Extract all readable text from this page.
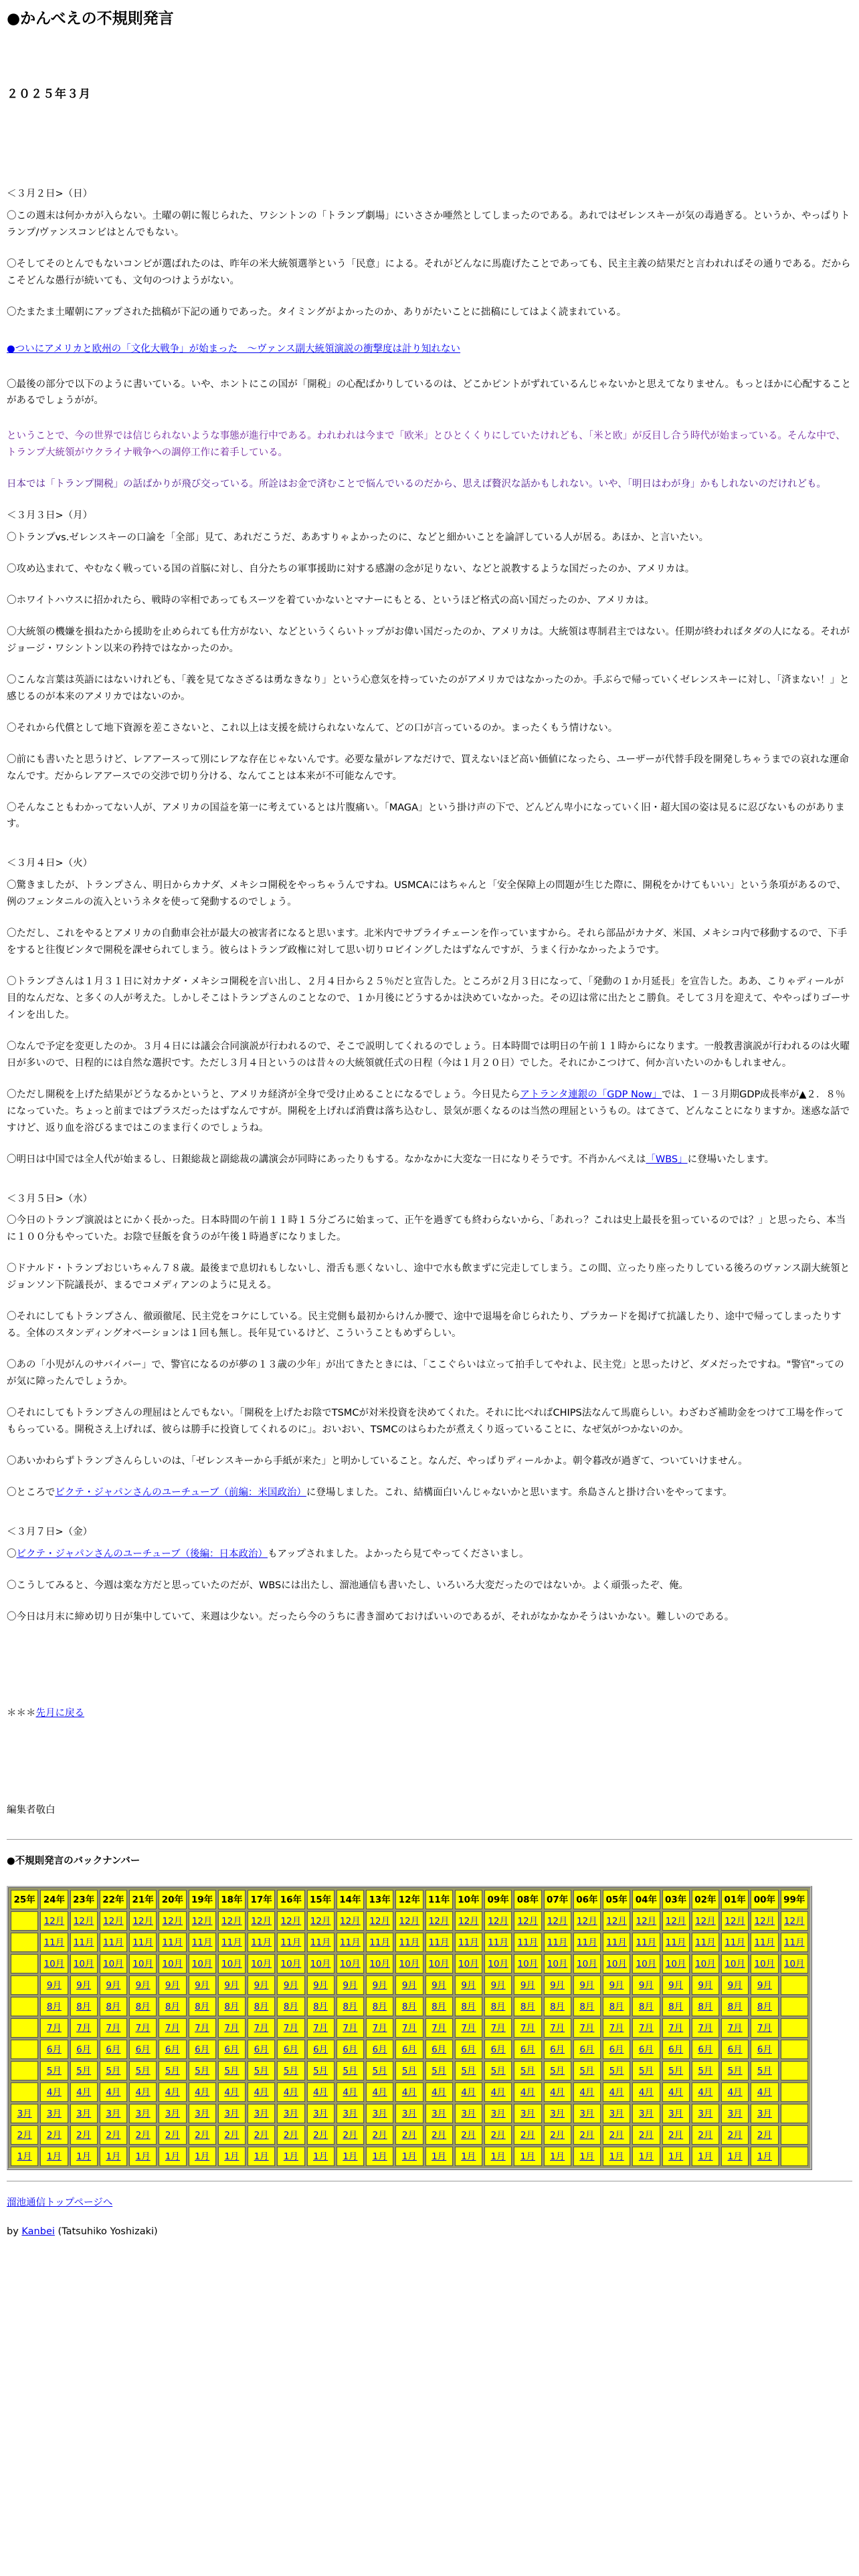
●かんべえの不規則発言
２０２５年３月
＜３月２日>（日）

〇この週末は何かカが入らない。土曜の朝に報じられた、ワシントンの「トランプ劇場」にいささか唖然としてしまったのである。あれではゼレンスキーが気の毒過ぎる。というか、やっぱりトランプ/ヴァンスコンビはとんでもない。

〇そしてそのとんでもないコンビが選ばれたのは、昨年の米大統領選挙という「民意」による。それがどんなに馬鹿げたことであっても、民主主義の結果だと言われればその通りである。だからこそどんな愚行が続いても、文句のつけようがない。

〇たまたま土曜朝にアップされた拙稿が下記の通りであった。タイミングがよかったのか、ありがたいことに拙稿にしてはよく読まれている。

●ついにアメリカと欧州の「文化大戦争」が始まった　～ヴァンス副大統領演説の衝撃度は計り知れない

〇最後の部分で以下のように書いている。いや、ホントにこの国が「開税」の心配ばかりしているのは、どこかピントがずれているんじゃないかと思えてなりません。もっとほかに心配することがあるでしょうがが。

ということで、今の世界では信じられないような事態が進行中である。われわれは今まで「欧米」とひとくくりにしていたけれども、「米と欧」が反目し合う時代が始まっている。そんな中で、トランプ大統領がウクライナ戦争への調停工作に着手している。

日本では「トランプ開税」の話ばかりが飛び交っている。所詮はお金で済むことで悩んでいるのだから、思えば贅沢な話かもしれない。いや、「明日はわが身」かもしれないのだけれども。

＜３月３日>（月）

〇トランプvs.ゼレンスキーの口論を「全部」見て、あれだこうだ、ああすりゃよかったのに、などと細かいことを論評している人が居る。あほか、と言いたい。

〇攻め込まれて、やむなく戦っている国の首脳に対し、自分たちの軍事援助に対する感謝の念が足りない、などと説教するような国だったのか、アメリカは。

〇ホワイトハウスに招かれたら、戦時の宰相であってもスーツを着ていかないとマナーにもとる、というほど格式の高い国だったのか、アメリカは。

〇大統領の機嫌を損ねたから援助を止められても仕方がない、などというくらいトップがお偉い国だったのか、アメリカは。大統領は専制君主ではない。任期が終わればタダの人になる。それがジョージ・ワシントン以来の矜持ではなかったのか。

〇こんな言葉は英語にはないけれども、「義を見てなさざるは勇なきなり」という心意気を持っていたのがアメリカではなかったのか。手ぶらで帰っていくゼレンスキーに対し、「済まない！」と感じるのが本来のアメリカではないのか。

〇それから代償として地下資源を差こさないと、これ以上は支援を続けられないなんて、どの口が言っているのか。まったくもう情けない。

〇前にも書いたと思うけど、レアアースって別にレアな存在じゃないんです。必要な量がレアなだけで、買えないほど高い価値になったら、ユーザーが代替手段を開発しちゃうまでの哀れな運命なんです。だからレアアースでの交渉で切り分ける、なんてことは本来が不可能なんです。

〇そんなこともわかってない人が、アメリカの国益を第一に考えているとは片腹痛い。「MAGA」という掛け声の下で、どんどん卑小になっていく旧・超大国の姿は見るに忍びないものがあります。

＜３月４日>（火）

〇驚きましたが、トランプさん、明日からカナダ、メキシコ開税をやっちゃうんですね。USMCAにはちゃんと「安全保障上の問題が生じた際に、開税をかけてもいい」という条項があるので、例のフェンタニルの流入というネタを使って発動するのでしょう。

〇ただし、これをやるとアメリカの自動車会社が最大の被害者になると思います。北米内でサプライチェーンを作っていますから。それら部品がカナダ、米国、メキシコ内で移動するので、下手をすると往復ビンタで開税を課せられてしまう。彼らはトランプ政権に対して思い切りロビイングしたはずなんですが、うまく行かなかったようです。

〇トランプさんは１月３１日に対カナダ・メキシコ開税を言い出し、２月４日から２５％だと宣告した。ところが２月３日になって、「発動の１か月延長」を宣告した。ああ、こりゃディールが目的なんだな、と多くの人が考えた。しかしそこはトランプさんのことなので、１か月後にどうするかは決めていなかった。その辺は常に出たとこ勝負。そして３月を迎えて、ややっぱりゴーサインを出した。

〇なんで予定を変更したのか。３月４日には議会合同演説が行われるので、そこで説明してくれるのでしょう。日本時間では明日の午前１１時からになります。一般教書演説が行われるのは火曜日が多いので、日程的には自然な選択です。ただし３月４日というのは昔々の大統領就任式の日程（今は１月２０日）でした。それにかこつけて、何か言いたいのかもしれません。

〇ただし開税を上げた結果がどうなるかというと、アメリカ経済が全身で受け止めることになるでしょう。今日見たらアトランタ連銀の「GDP Now」では、１－３月期GDP成長率が▲２．８％になっていた。ちょっと前まではプラスだったはずなんですが。開税を上げれば消費は落ち込むし、景気が悪くなるのは当然の理屈というもの。はてさて、どんなことになりますか。迷惑な話ですけど、返り血を浴びるまではこのまま行くのでしょうね。

〇明日は中国では全人代が始まるし、日銀総裁と副総裁の講演会が同時にあったりもする。なかなかに大変な一日になりそうです。不肖かんべえは「WBS」に登場いたします。

＜３月５日>（水）

〇今日のトランプ演説はとにかく長かった。日本時間の午前１１時１５分ごろに始まって、正午を過ぎても終わらないから、「あれっ？これは史上最長を狙っているのでは？」と思ったら、本当に１００分もやっていた。お陰で昼飯を食うのが午後１時過ぎになりました。

〇ドナルド・トランプおじいちゃん７８歳。最後まで息切れもしないし、滑舌も悪くないし、途中で水も飲まずに完走してしまう。この間、立ったり座ったりしている後ろのヴァンス副大統領とジョンソン下院議長が、まるでコメディアンのように見える。

〇それにしてもトランプさん、徹頭徹尾、民主党をコケにしている。民主党側も最初からけんか腰で、途中で退場を命じられたり、プラカードを掲げて抗議したり、途中で帰ってしまったりする。全体のスタンディングオベーションは１回も無し。長年見ているけど、こういうこともめずらしい。

〇あの「小児がんのサバイバー」で、警官になるのが夢の１３歳の少年」が出てきたときには、「ここぐらいは立って拍手してやれよ、民主党」と思ったけど、ダメだったですね。"警官"ってのが気に障ったんでしょうか。

〇それにしてもトランプさんの理屈はとんでもない。「開税を上げたお陰でTSMCが対米投資を決めてくれた。それに比べればCHIPS法なんて馬鹿らしい。わざわざ補助金をつけて工場を作ってもらっている。開税さえ上げれば、彼らは勝手に投資してくれるのに」。おいおい、TSMCのはらわたが煮えくり返っていることに、なぜ気がつかないのか。

〇あいかわらずトランプさんらしいのは、「ゼレンスキーから手紙が来た」と明かしていること。なんだ、やっぱりディールかよ。朝令暮改が過ぎて、ついていけません。

〇ところでビクテ・ジャパンさんのユーチューブ（前編：米国政治）に登場しました。これ、結構面白いんじゃないかと思います。糸島さんと掛け合いをやってます。

＜３月７日>（金）

〇ビクテ・ジャパンさんのユーチューブ（後編：日本政治）もアップされました。よかったら見てやってくださいまし。

〇こうしてみると、今週は楽な方だと思っていたのだが、WBSには出たし、溜池通信も書いたし、いろいろ大変だったのではないか。よく頑張ったぞ、俺。

〇今日は月末に締め切り日が集中していて、来週は少ない。だったら今のうちに書き溜めておけばいいのであるが、それがなかなかそうはいかない。難しいのである。

＊＊＊先月に戻る
編集者敬白
●不規則発言のバックナンバー
25年	24年	23年	22年	21年	20年	19年	18年	17年	16年	15年	14年	13年	12年	11年	10年	09年	08年	07年	06年	05年	04年	03年	02年	01年	00年	99年
	12月	12月	12月	12月	12月	12月	12月	12月	12月	12月	12月	12月	12月	12月	12月	12月	12月	12月	12月	12月	12月	12月	12月	12月	12月	12月
	11月	11月	11月	11月	11月	11月	11月	11月	11月	11月	11月	11月	11月	11月	11月	11月	11月	11月	11月	11月	11月	11月	11月	11月	11月	11月
	10月	10月	10月	10月	10月	10月	10月	10月	10月	10月	10月	10月	10月	10月	10月	10月	10月	10月	10月	10月	10月	10月	10月	10月	10月	10月
	9月	9月	9月	9月	9月	9月	9月	9月	9月	9月	9月	9月	9月	9月	9月	9月	9月	9月	9月	9月	9月	9月	9月	9月	9月	
	8月	8月	8月	8月	8月	8月	8月	8月	8月	8月	8月	8月	8月	8月	8月	8月	8月	8月	8月	8月	8月	8月	8月	8月	8月	
	7月	7月	7月	7月	7月	7月	7月	7月	7月	7月	7月	7月	7月	7月	7月	7月	7月	7月	7月	7月	7月	7月	7月	7月	7月	
	6月	6月	6月	6月	6月	6月	6月	6月	6月	6月	6月	6月	6月	6月	6月	6月	6月	6月	6月	6月	6月	6月	6月	6月	6月	
	5月	5月	5月	5月	5月	5月	5月	5月	5月	5月	5月	5月	5月	5月	5月	5月	5月	5月	5月	5月	5月	5月	5月	5月	5月	
	4月	4月	4月	4月	4月	4月	4月	4月	4月	4月	4月	4月	4月	4月	4月	4月	4月	4月	4月	4月	4月	4月	4月	4月	4月	
3月	3月	3月	3月	3月	3月	3月	3月	3月	3月	3月	3月	3月	3月	3月	3月	3月	3月	3月	3月	3月	3月	3月	3月	3月	3月	
2月	2月	2月	2月	2月	2月	2月	2月	2月	2月	2月	2月	2月	2月	2月	2月	2月	2月	2月	2月	2月	2月	2月	2月	2月	2月	
1月	1月	1月	1月	1月	1月	1月	1月	1月	1月	1月	1月	1月	1月	1月	1月	1月	1月	1月	1月	1月	1月	1月	1月	1月	1月	
溜池通信トップページへ
by Kanbei (Tatsuhiko Yoshizaki)
